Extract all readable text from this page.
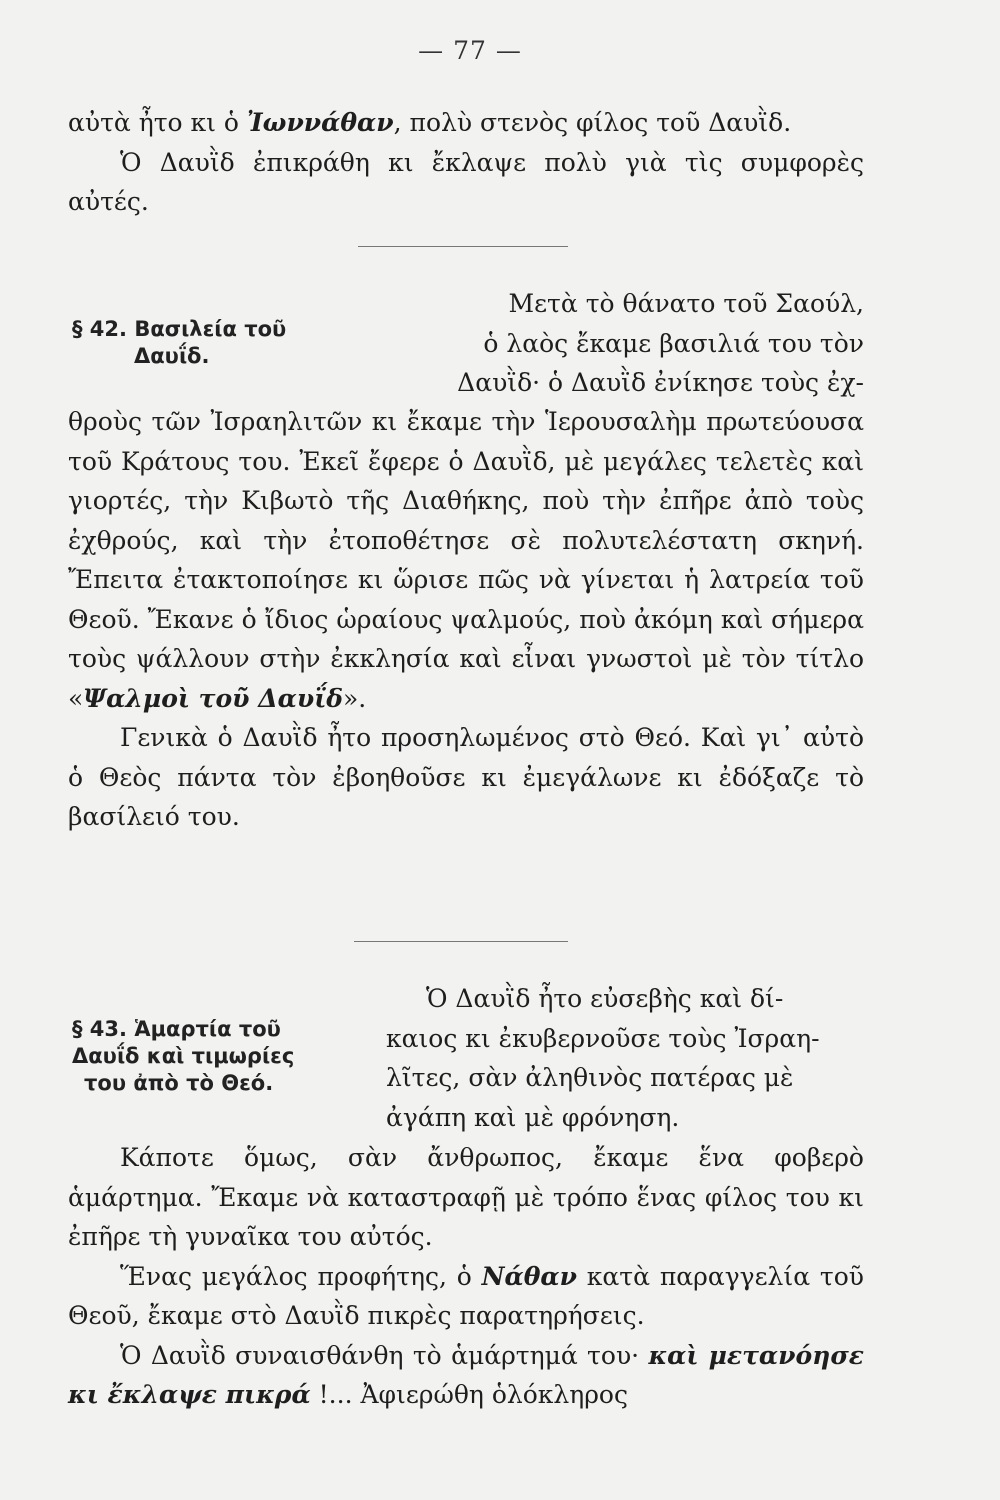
— 77 —

αὐτὰ ἦτο κι ὁ Ἰωννάθαν, πολὺ στενὸς φίλος τοῦ Δαυῒδ.

Ὁ Δαυῒδ ἐπικράθη κι ἔκλαψε πολὺ γιὰ τὶς συμφορὲς αὐτές.

§ 42. Βασιλεία τοῦ
Δαυΐδ.

Μετὰ τὸ θάνατο τοῦ Σαούλ,

ὁ λαὸς ἔκαμε βασιλιά του τὸν

Δαυῒδ· ὁ Δαυῒδ ἐνίκησε τοὺς ἐχ-

θροὺς τῶν Ἰσραηλιτῶν κι ἔκαμε τὴν Ἱερουσαλὴμ πρωτεύουσα τοῦ Κράτους του. Ἐκεῖ ἔφερε ὁ Δαυῒδ, μὲ μεγάλες τελετὲς καὶ γιορτές, τὴν Κιβωτὸ τῆς Διαθήκης, ποὺ τὴν ἐπῆρε ἀπὸ τοὺς ἐχθρούς, καὶ τὴν ἐτοποθέτησε σὲ πολυτελέστατη σκηνή. Ἔπειτα ἐτακτοποίησε κι ὥρισε πῶς νὰ γίνεται ἡ λατρεία τοῦ Θεοῦ. Ἔκανε ὁ ἴδιος ὡραίους ψαλμούς, ποὺ ἀκόμη καὶ σήμερα τοὺς ψάλλουν στὴν ἐκκλησία καὶ εἶναι γνωστοὶ μὲ τὸν τίτλο «Ψαλμοὶ τοῦ Δαυΐδ».

Γενικὰ ὁ Δαυῒδ ἦτο προσηλωμένος στὸ Θεό. Καὶ γι᾿ αὐτὸ ὁ Θεὸς πάντα τὸν ἐβοηθοῦσε κι ἐμεγάλωνε κι ἐδόξαζε τὸ βασίλειό του.

§ 43. Ἁμαρτία τοῦ
Δαυΐδ καὶ τιμωρίες
του ἀπὸ τὸ Θεό.

Ὁ Δαυῒδ ἦτο εὐσεβὴς καὶ δί-

καιος κι ἐκυβερνοῦσε τοὺς Ἰσραη-

λῖτες, σὰν ἀληθινὸς πατέρας μὲ

ἀγάπη καὶ μὲ φρόνηση.

Κάποτε ὅμως, σὰν ἄνθρωπος, ἔκαμε ἕνα φοβερὸ ἁμάρτημα. Ἔκαμε νὰ καταστραφῇ μὲ τρόπο ἕνας φίλος του κι ἐπῆρε τὴ γυναῖκα του αὐτός.

Ἕνας μεγάλος προφήτης, ὁ Νάθαν κατὰ παραγγελία τοῦ Θεοῦ, ἔκαμε στὸ Δαυῒδ πικρὲς παρατηρήσεις.

Ὁ Δαυῒδ συναισθάνθη τὸ ἁμάρτημά του· καὶ μετανόησε κι ἔκλαψε πικρά !... Ἀφιερώθη ὁλόκληρος
